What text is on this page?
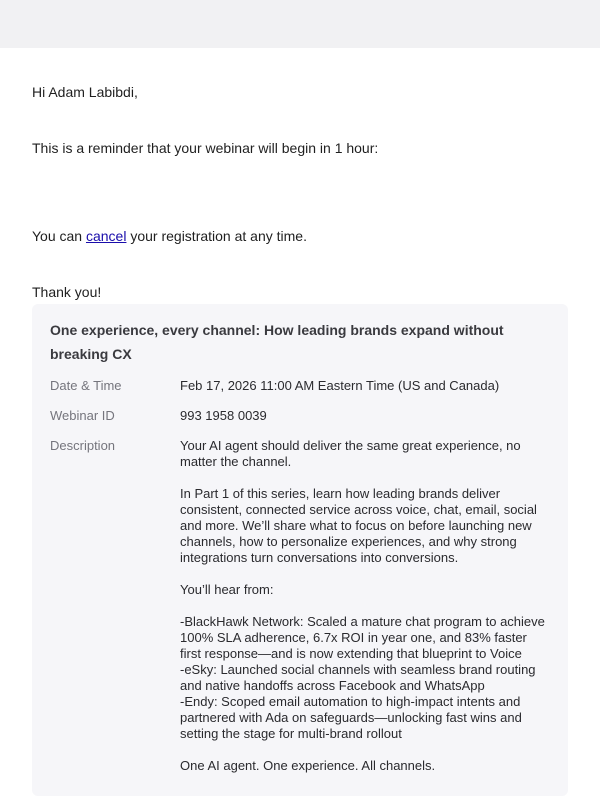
Hi Adam Labibdi,

This is a reminder that your webinar will begin in 1 hour:

You can cancel your registration at any time.

Thank you!

One experience, every channel: How leading brands expand without breaking CX
Date & Time	Feb 17, 2026 11:00 AM Eastern Time (US and Canada)
Webinar ID	993 1958 0039
Description	Your AI agent should deliver the same great experience, no matter the channel.

In Part 1 of this series, learn how leading brands deliver consistent, connected service across voice, chat, email, social and more. We’ll share what to focus on before launching new channels, how to personalize experiences, and why strong integrations turn conversations into conversions.

You’ll hear from:

-BlackHawk Network: Scaled a mature chat program to achieve 100% SLA adherence, 6.7x ROI in year one, and 83% faster first response—and is now extending that blueprint to Voice
-eSky: Launched social channels with seamless brand routing and native handoffs across Facebook and WhatsApp
-Endy: Scoped email automation to high-impact intents and partnered with Ada on safeguards—unlocking fast wins and setting the stage for multi-brand rollout

One AI agent. One experience. All channels.
